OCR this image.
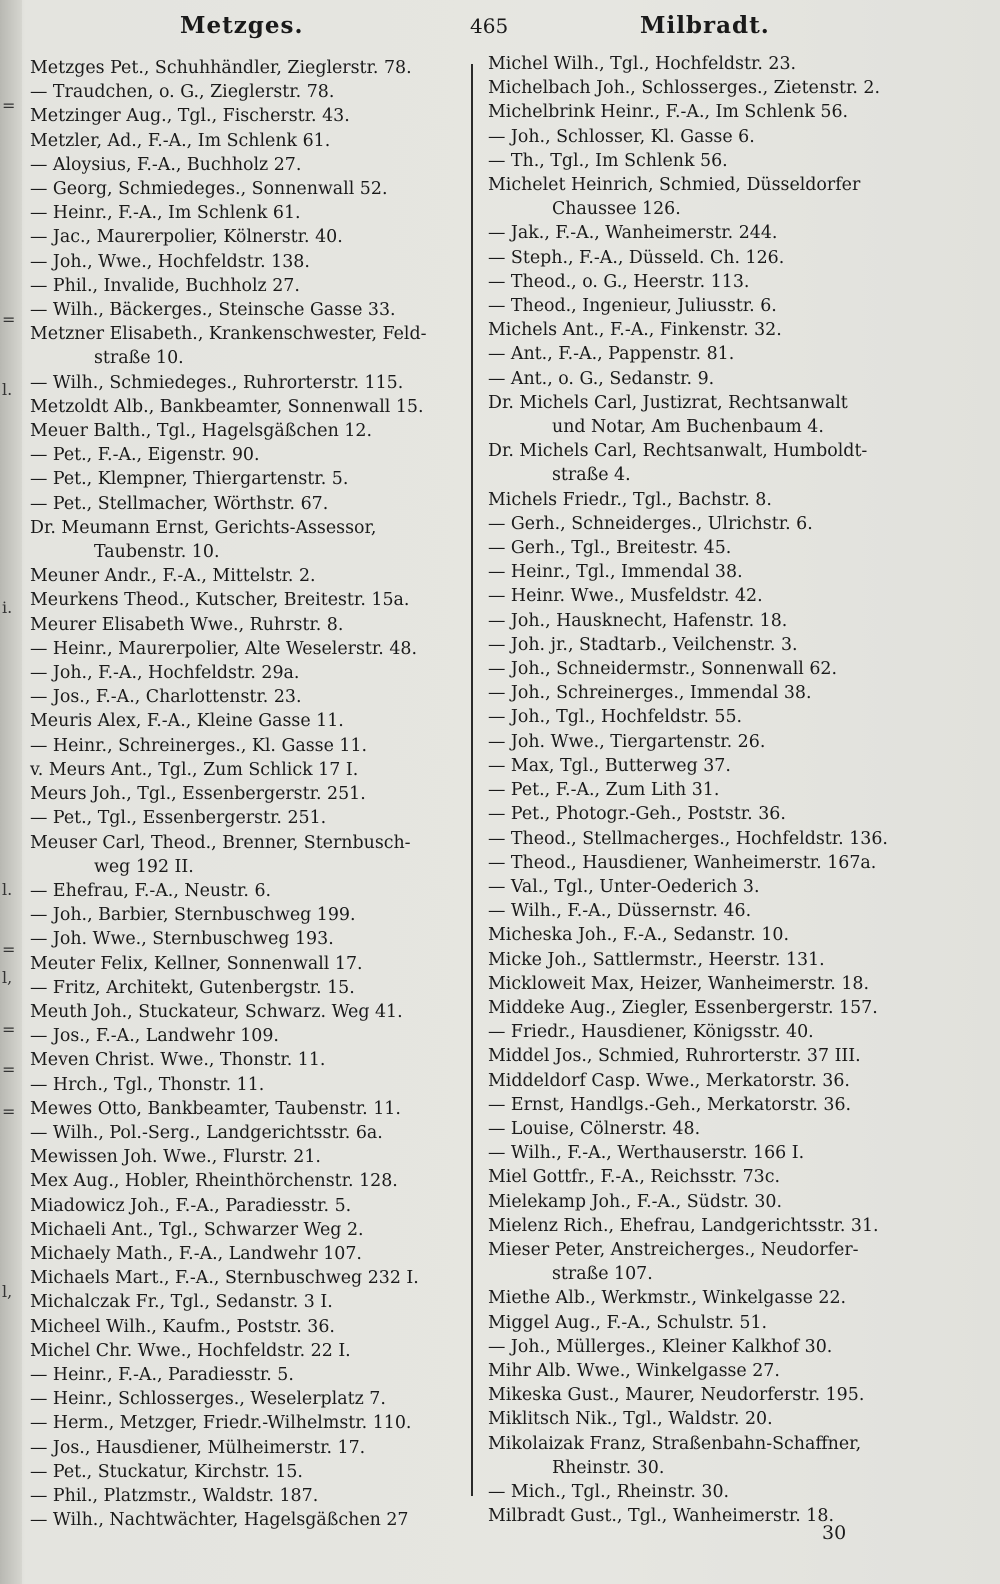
=
=
l.
i.
l.
=
l,
=
=
=
l,
Metzges.	465	Milbradt.
Metzges Pet., Schuhhändler, Zieglerstr. 78.
— Traudchen, o. G., Zieglerstr. 78.
Metzinger Aug., Tgl., Fischerstr. 43.
Metzler, Ad., F.-A., Im Schlenk 61.
— Aloysius, F.-A., Buchholz 27.
— Georg, Schmiedeges., Sonnenwall 52.
— Heinr., F.-A., Im Schlenk 61.
— Jac., Maurerpolier, Kölnerstr. 40.
— Joh., Wwe., Hochfeldstr. 138.
— Phil., Invalide, Buchholz 27.
— Wilh., Bäckerges., Steinsche Gasse 33.
Metzner Elisabeth., Krankenschwester, Feld-
straße 10.
— Wilh., Schmiedeges., Ruhrorterstr. 115.
Metzoldt Alb., Bankbeamter, Sonnenwall 15.
Meuer Balth., Tgl., Hagelsgäßchen 12.
— Pet., F.-A., Eigenstr. 90.
— Pet., Klempner, Thiergartenstr. 5.
— Pet., Stellmacher, Wörthstr. 67.
Dr. Meumann Ernst, Gerichts-Assessor,
Taubenstr. 10.
Meuner Andr., F.-A., Mittelstr. 2.
Meurkens Theod., Kutscher, Breitestr. 15a.
Meurer Elisabeth Wwe., Ruhrstr. 8.
— Heinr., Maurerpolier, Alte Weselerstr. 48.
— Joh., F.-A., Hochfeldstr. 29a.
— Jos., F.-A., Charlottenstr. 23.
Meuris Alex, F.-A., Kleine Gasse 11.
— Heinr., Schreinerges., Kl. Gasse 11.
v. Meurs Ant., Tgl., Zum Schlick 17 I.
Meurs Joh., Tgl., Essenbergerstr. 251.
— Pet., Tgl., Essenbergerstr. 251.
Meuser Carl, Theod., Brenner, Sternbusch-
weg 192 II.
— Ehefrau, F.-A., Neustr. 6.
— Joh., Barbier, Sternbuschweg 199.
— Joh. Wwe., Sternbuschweg 193.
Meuter Felix, Kellner, Sonnenwall 17.
— Fritz, Architekt, Gutenbergstr. 15.
Meuth Joh., Stuckateur, Schwarz. Weg 41.
— Jos., F.-A., Landwehr 109.
Meven Christ. Wwe., Thonstr. 11.
— Hrch., Tgl., Thonstr. 11.
Mewes Otto, Bankbeamter, Taubenstr. 11.
— Wilh., Pol.-Serg., Landgerichtsstr. 6a.
Mewissen Joh. Wwe., Flurstr. 21.
Mex Aug., Hobler, Rheinthörchenstr. 128.
Miadowicz Joh., F.-A., Paradiesstr. 5.
Michaeli Ant., Tgl., Schwarzer Weg 2.
Michaely Math., F.-A., Landwehr 107.
Michaels Mart., F.-A., Sternbuschweg 232 I.
Michalczak Fr., Tgl., Sedanstr. 3 I.
Micheel Wilh., Kaufm., Poststr. 36.
Michel Chr. Wwe., Hochfeldstr. 22 I.
— Heinr., F.-A., Paradiesstr. 5.
— Heinr., Schlosserges., Weselerplatz 7.
— Herm., Metzger, Friedr.-Wilhelmstr. 110.
— Jos., Hausdiener, Mülheimerstr. 17.
— Pet., Stuckatur, Kirchstr. 15.
— Phil., Platzmstr., Waldstr. 187.
— Wilh., Nachtwächter, Hagelsgäßchen 27
Michel Wilh., Tgl., Hochfeldstr. 23.
Michelbach Joh., Schlosserges., Zietenstr. 2.
Michelbrink Heinr., F.-A., Im Schlenk 56.
— Joh., Schlosser, Kl. Gasse 6.
— Th., Tgl., Im Schlenk 56.
Michelet Heinrich, Schmied, Düsseldorfer
Chaussee 126.
— Jak., F.-A., Wanheimerstr. 244.
— Steph., F.-A., Düsseld. Ch. 126.
— Theod., o. G., Heerstr. 113.
— Theod., Ingenieur, Juliusstr. 6.
Michels Ant., F.-A., Finkenstr. 32.
— Ant., F.-A., Pappenstr. 81.
— Ant., o. G., Sedanstr. 9.
Dr. Michels Carl, Justizrat, Rechtsanwalt
und Notar, Am Buchenbaum 4.
Dr. Michels Carl, Rechtsanwalt, Humboldt-
straße 4.
Michels Friedr., Tgl., Bachstr. 8.
— Gerh., Schneiderges., Ulrichstr. 6.
— Gerh., Tgl., Breitestr. 45.
— Heinr., Tgl., Immendal 38.
— Heinr. Wwe., Musfeldstr. 42.
— Joh., Hausknecht, Hafenstr. 18.
— Joh. jr., Stadtarb., Veilchenstr. 3.
— Joh., Schneidermstr., Sonnenwall 62.
— Joh., Schreinerges., Immendal 38.
— Joh., Tgl., Hochfeldstr. 55.
— Joh. Wwe., Tiergartenstr. 26.
— Max, Tgl., Butterweg 37.
— Pet., F.-A., Zum Lith 31.
— Pet., Photogr.-Geh., Poststr. 36.
— Theod., Stellmacherges., Hochfeldstr. 136.
— Theod., Hausdiener, Wanheimerstr. 167a.
— Val., Tgl., Unter-Oederich 3.
— Wilh., F.-A., Düssernstr. 46.
Micheska Joh., F.-A., Sedanstr. 10.
Micke Joh., Sattlermstr., Heerstr. 131.
Mickloweit Max, Heizer, Wanheimerstr. 18.
Middeke Aug., Ziegler, Essenbergerstr. 157.
— Friedr., Hausdiener, Königsstr. 40.
Middel Jos., Schmied, Ruhrorterstr. 37 III.
Middeldorf Casp. Wwe., Merkatorstr. 36.
— Ernst, Handlgs.-Geh., Merkatorstr. 36.
— Louise, Cölnerstr. 48.
— Wilh., F.-A., Werthauserstr. 166 I.
Miel Gottfr., F.-A., Reichsstr. 73c.
Mielekamp Joh., F.-A., Südstr. 30.
Mielenz Rich., Ehefrau, Landgerichtsstr. 31.
Mieser Peter, Anstreicherges., Neudorfer-
straße 107.
Miethe Alb., Werkmstr., Winkelgasse 22.
Miggel Aug., F.-A., Schulstr. 51.
— Joh., Müllerges., Kleiner Kalkhof 30.
Mihr Alb. Wwe., Winkelgasse 27.
Mikeska Gust., Maurer, Neudorferstr. 195.
Miklitsch Nik., Tgl., Waldstr. 20.
Mikolaizak Franz, Straßenbahn-Schaffner,
Rheinstr. 30.
— Mich., Tgl., Rheinstr. 30.
Milbradt Gust., Tgl., Wanheimerstr. 18.
30
